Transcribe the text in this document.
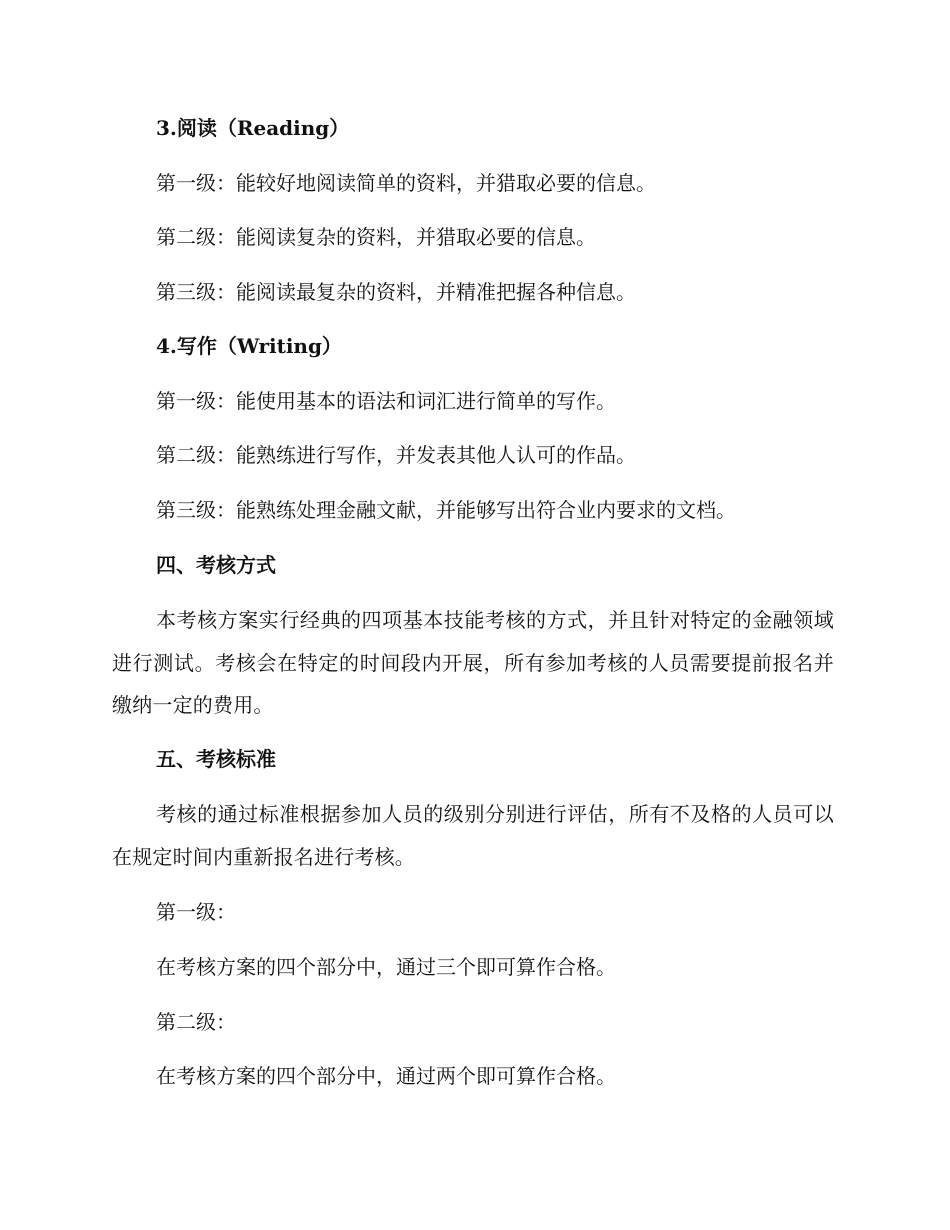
3.阅读（Reading）
第一级：能较好地阅读简单的资料，并猎取必要的信息。
第二级：能阅读复杂的资料，并猎取必要的信息。
第三级：能阅读最复杂的资料，并精准把握各种信息。
4.写作（Writing）
第一级：能使用基本的语法和词汇进行简单的写作。
第二级：能熟练进行写作，并发表其他人认可的作品。
第三级：能熟练处理金融文献，并能够写出符合业内要求的文档。
四、考核方式
本考核方案实行经典的四项基本技能考核的方式，并且针对特定的金融领域进行测试。考核会在特定的时间段内开展，所有参加考核的人员需要提前报名并缴纳一定的费用。
五、考核标准
考核的通过标准根据参加人员的级别分别进行评估，所有不及格的人员可以在规定时间内重新报名进行考核。
第一级：
在考核方案的四个部分中，通过三个即可算作合格。
第二级：
在考核方案的四个部分中，通过两个即可算作合格。
